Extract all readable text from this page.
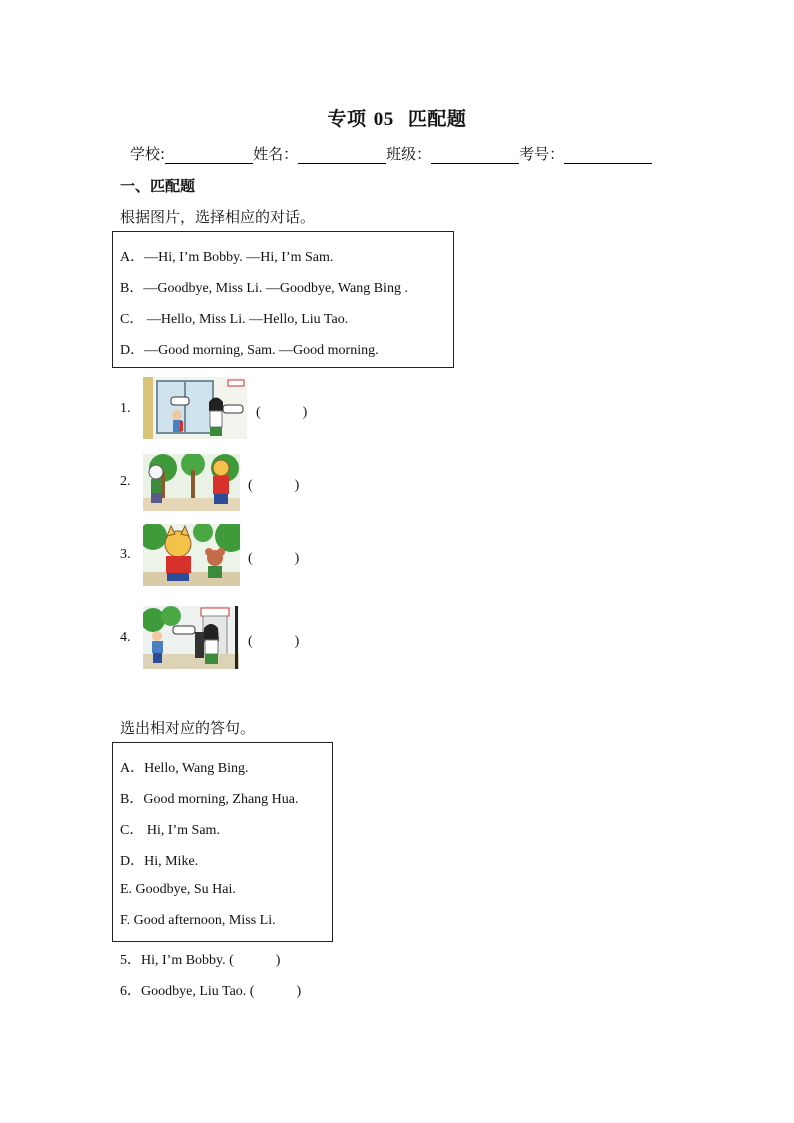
专项 05 匹配题
学校:	姓名：	班级：	考号：
一、匹配题
根据图片，选择相应的对话。
A．—Hi, I’m Bobby. —Hi, I’m Sam.
B．—Goodbye, Miss Li. —Goodbye, Wang Bing .
C． —Hello, Miss Li. —Hello, Liu Tao.
D．—Good morning, Sam. —Good morning.
1.	(　　　)
2.	(　　　)
3.	(　　　)
4.	(　　　)
选出相对应的答句。
A．Hello, Wang Bing.
B．Good morning, Zhang Hua.
C． Hi, I’m Sam.
D．Hi, Mike.
E. Goodbye, Su Hai.
F. Good afternoon, Miss Li.
5．Hi, I’m Bobby. (　　　)
6．Goodbye, Liu Tao. (　　　)
